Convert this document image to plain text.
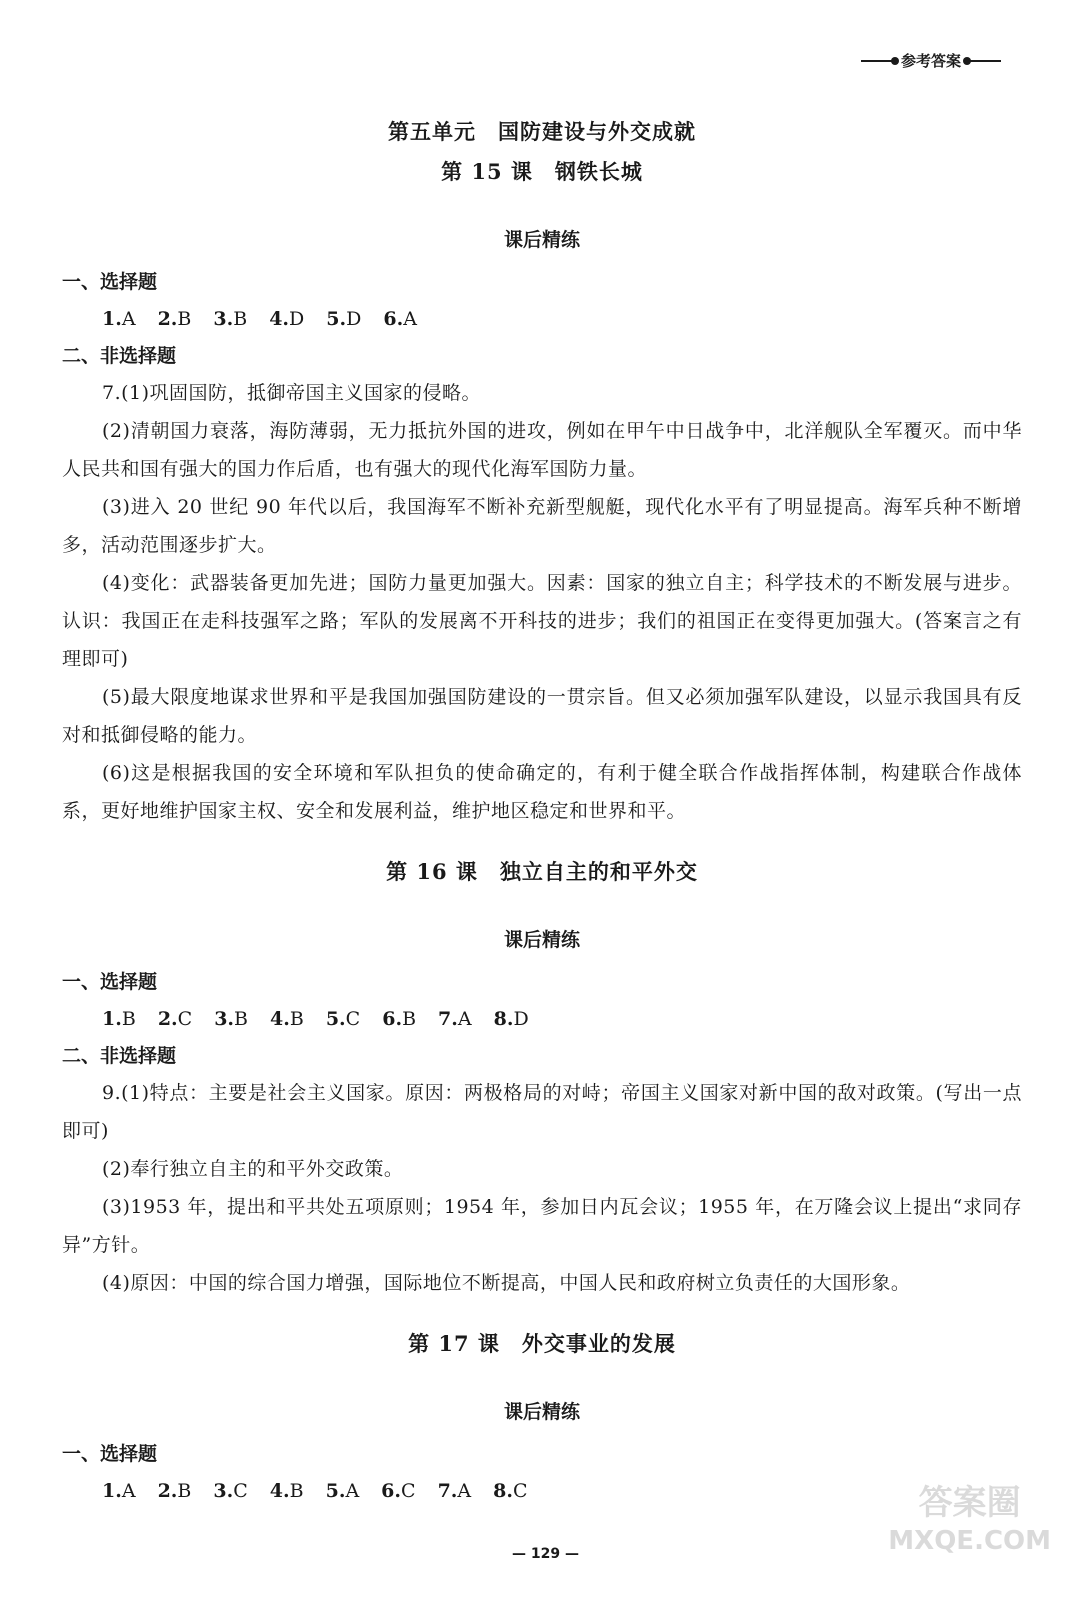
参考答案
第五单元　国防建设与外交成就
第 15 课　钢铁长城
课后精练
一、选择题
1.A 2.B 3.B 4.D 5.D 6.A
二、非选择题
7.(1)巩固国防，抵御帝国主义国家的侵略。
(2)清朝国力衰落，海防薄弱，无力抵抗外国的进攻，例如在甲午中日战争中，北洋舰队全军覆灭。而中华人民共和国有强大的国力作后盾，也有强大的现代化海军国防力量。
(3)进入 20 世纪 90 年代以后，我国海军不断补充新型舰艇，现代化水平有了明显提高。海军兵种不断增多，活动范围逐步扩大。
(4)变化：武器装备更加先进；国防力量更加强大。因素：国家的独立自主；科学技术的不断发展与进步。认识：我国正在走科技强军之路；军队的发展离不开科技的进步；我们的祖国正在变得更加强大。(答案言之有理即可)
(5)最大限度地谋求世界和平是我国加强国防建设的一贯宗旨。但又必须加强军队建设，以显示我国具有反对和抵御侵略的能力。
(6)这是根据我国的安全环境和军队担负的使命确定的，有利于健全联合作战指挥体制，构建联合作战体系，更好地维护国家主权、安全和发展利益，维护地区稳定和世界和平。
第 16 课　独立自主的和平外交
课后精练
一、选择题
1.B 2.C 3.B 4.B 5.C 6.B 7.A 8.D
二、非选择题
9.(1)特点：主要是社会主义国家。原因：两极格局的对峙；帝国主义国家对新中国的敌对政策。(写出一点即可)
(2)奉行独立自主的和平外交政策。
(3)1953 年，提出和平共处五项原则；1954 年，参加日内瓦会议；1955 年，在万隆会议上提出“求同存异”方针。
(4)原因：中国的综合国力增强，国际地位不断提高，中国人民和政府树立负责任的大国形象。
第 17 课　外交事业的发展
课后精练
一、选择题
1.A 2.B 3.C 4.B 5.A 6.C 7.A 8.C
— 129 —
答案圈
MXQE.COM
